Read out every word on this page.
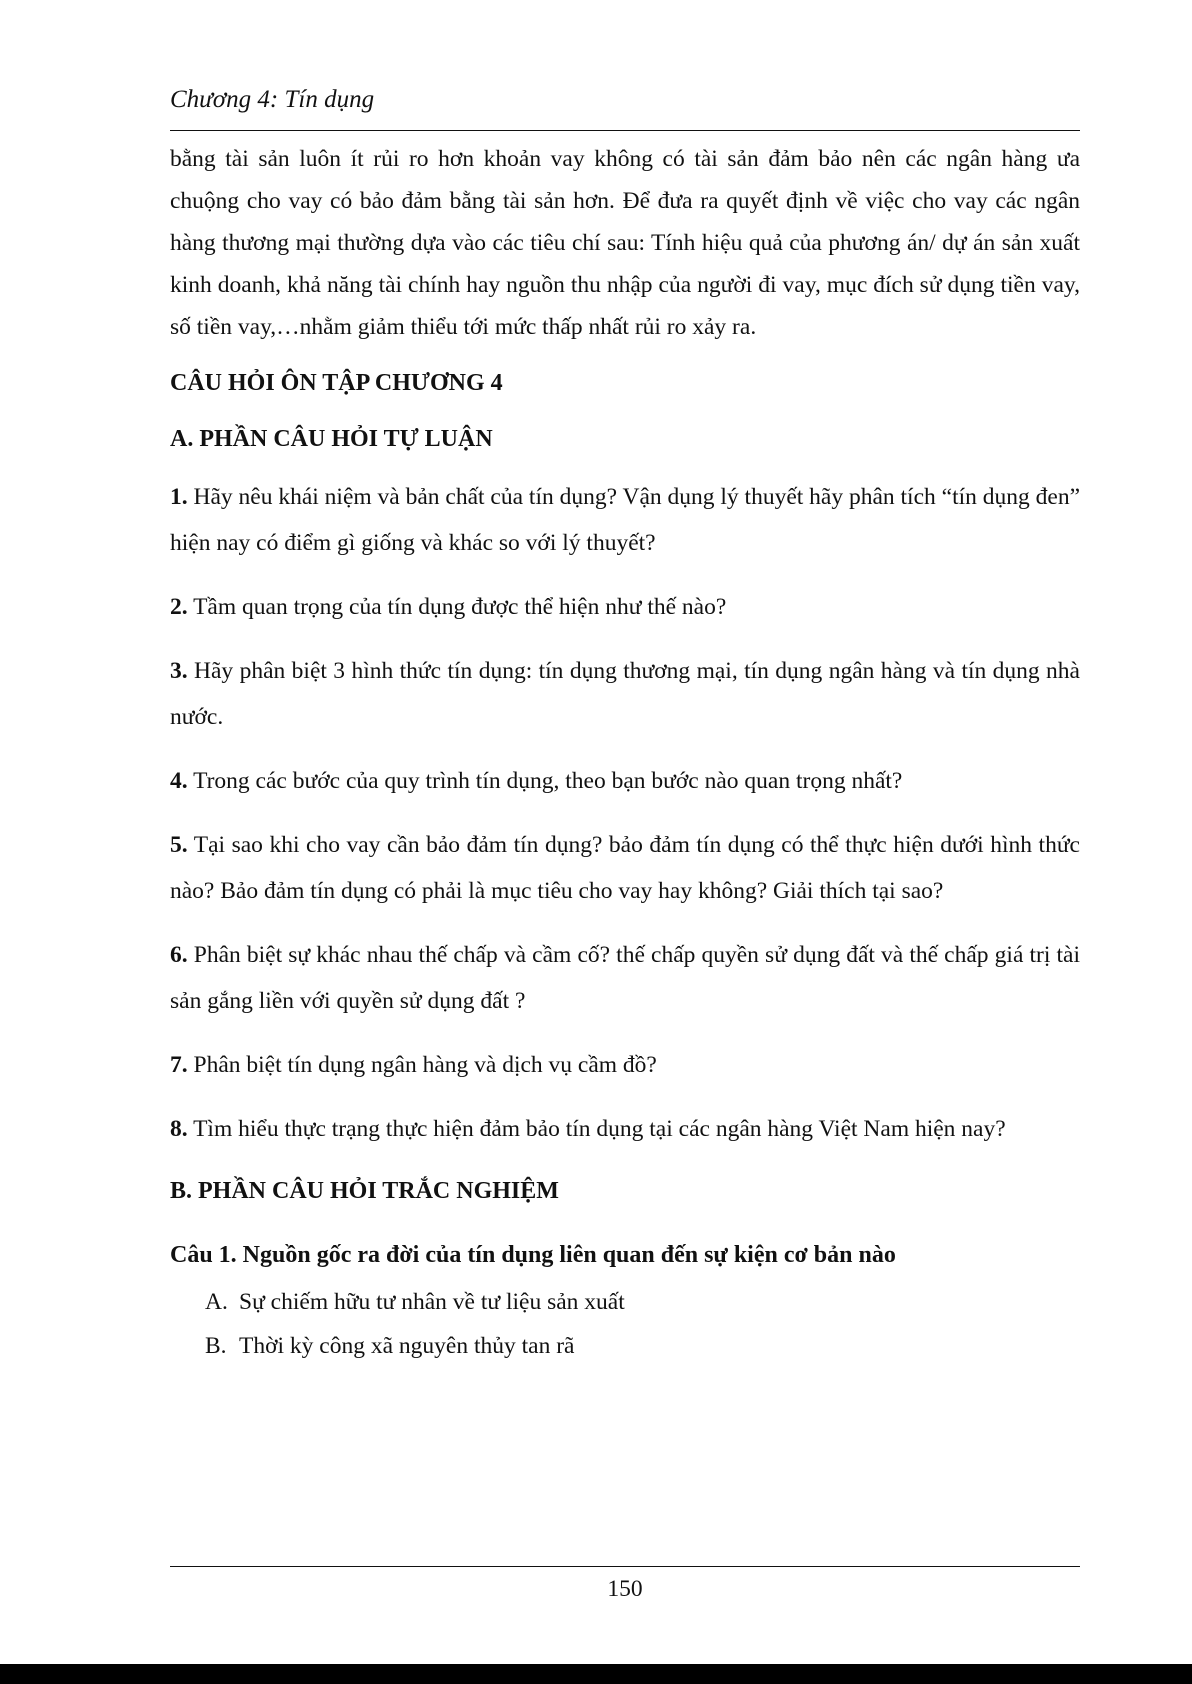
Chương 4: Tín dụng

bằng tài sản luôn ít rủi ro hơn khoản vay không có tài sản đảm bảo nên các ngân hàng ưa chuộng cho vay có bảo đảm bằng tài sản hơn. Để đưa ra quyết định về việc cho vay các ngân hàng thương mại thường dựa vào các tiêu chí sau: Tính hiệu quả của phương án/ dự án sản xuất kinh doanh, khả năng tài chính hay nguồn thu nhập của người đi vay, mục đích sử dụng tiền vay, số tiền vay,…nhằm giảm thiểu tới mức thấp nhất rủi ro xảy ra.

CÂU HỎI ÔN TẬP CHƯƠNG 4
A. PHẦN CÂU HỎI TỰ LUẬN

1. Hãy nêu khái niệm và bản chất của tín dụng? Vận dụng lý thuyết hãy phân tích “tín dụng đen” hiện nay có điểm gì giống và khác so với lý thuyết?

2. Tầm quan trọng của tín dụng được thể hiện như thế nào?

3. Hãy phân biệt 3 hình thức tín dụng: tín dụng thương mại, tín dụng ngân hàng và tín dụng nhà nước.

4. Trong các bước của quy trình tín dụng, theo bạn bước nào quan trọng nhất?

5. Tại sao khi cho vay cần bảo đảm tín dụng? bảo đảm tín dụng có thể thực hiện dưới hình thức nào? Bảo đảm tín dụng có phải là mục tiêu cho vay hay không? Giải thích tại sao?

6. Phân biệt sự khác nhau thế chấp và cầm cố? thế chấp quyền sử dụng đất và thế chấp giá trị tài sản gắng liền với quyền sử dụng đất ?

7. Phân biệt tín dụng ngân hàng và dịch vụ cầm đồ?

8. Tìm hiểu thực trạng thực hiện đảm bảo tín dụng tại các ngân hàng Việt Nam hiện nay?

B. PHẦN CÂU HỎI TRẮC NGHIỆM
Câu 1. Nguồn gốc ra đời của tín dụng liên quan đến sự kiện cơ bản nào
A. Sự chiếm hữu tư nhân về tư liệu sản xuất
B. Thời kỳ công xã nguyên thủy tan rã
150
